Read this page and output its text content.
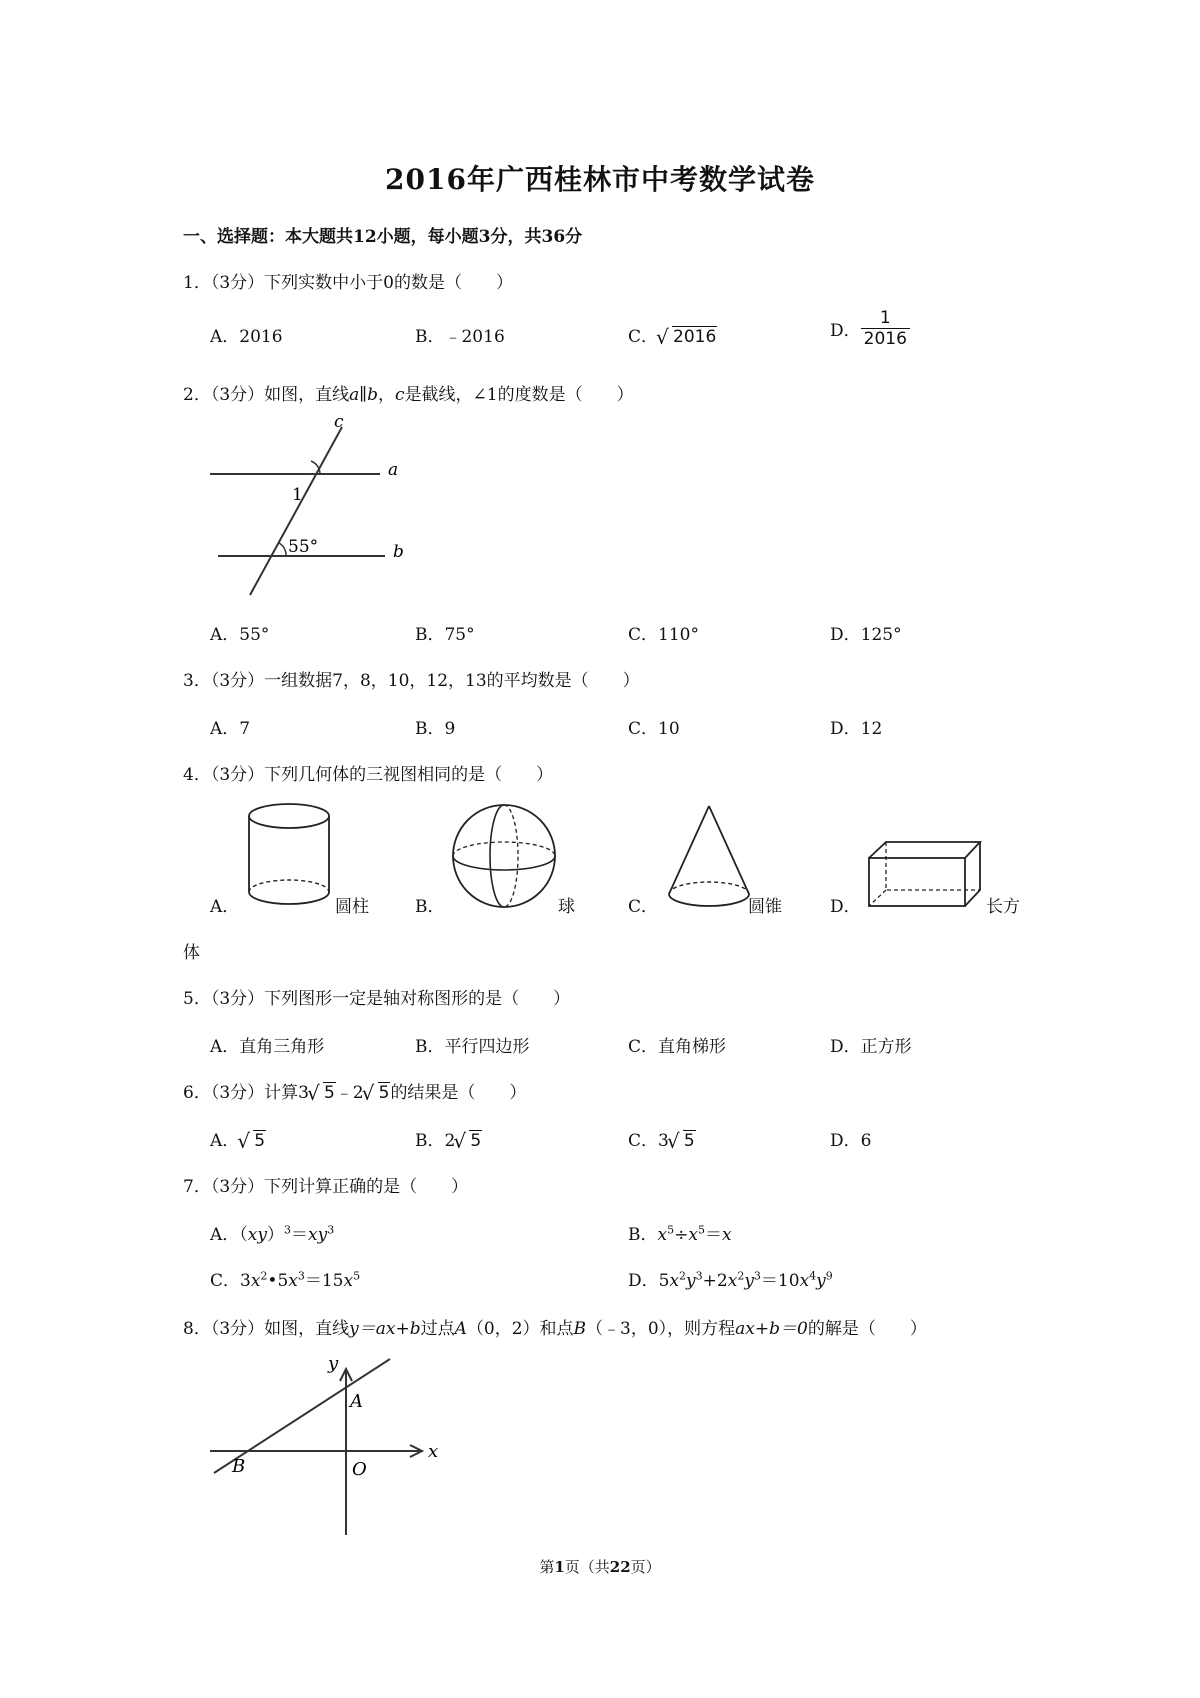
2016年广西桂林市中考数学试卷
一、选择题：本大题共12小题，每小题3分，共36分
1．（3分）下列实数中小于0的数是（　　）
A．2016	B．﹣2016	C． √ 2016	D． $\frac{1}{2016}$
2．（3分）如图，直线a∥b，c是截线，∠1的度数是（　　）
c
a
b
1
55°
A．55°	B．75°	C．110°	D．125°
3．（3分）一组数据7，8，10，12，13的平均数是（　　）
A．7	B．9	C．10	D．12
4．（3分）下列几何体的三视图相同的是（　　）
A．	圆柱	B．	球	C．	圆锥	D．	长方
体
5．（3分）下列图形一定是轴对称图形的是（　　）
A．直角三角形	B．平行四边形	C．直角梯形	D．正方形
6．（3分）计算3 √ 5﹣2 √ 5的结果是（　　）
A． √ 5	B．2 √ 5	C．3 √ 5	D．6
7．（3分）下列计算正确的是（　　）
A．$(xy)^3=xy^3$	B．$x^5\div x^5=x$
C．$3x^2•5x^3=15x^5$	D．$5x^2y^3+2x^2y^3=10x^4y^9$
8．（3分）如图，直线y＝ax+b过点A（0，2）和点B（﹣3，0），则方程ax+b＝0的解是（　　）
y
x
A
B	O
第1页（共22页）
